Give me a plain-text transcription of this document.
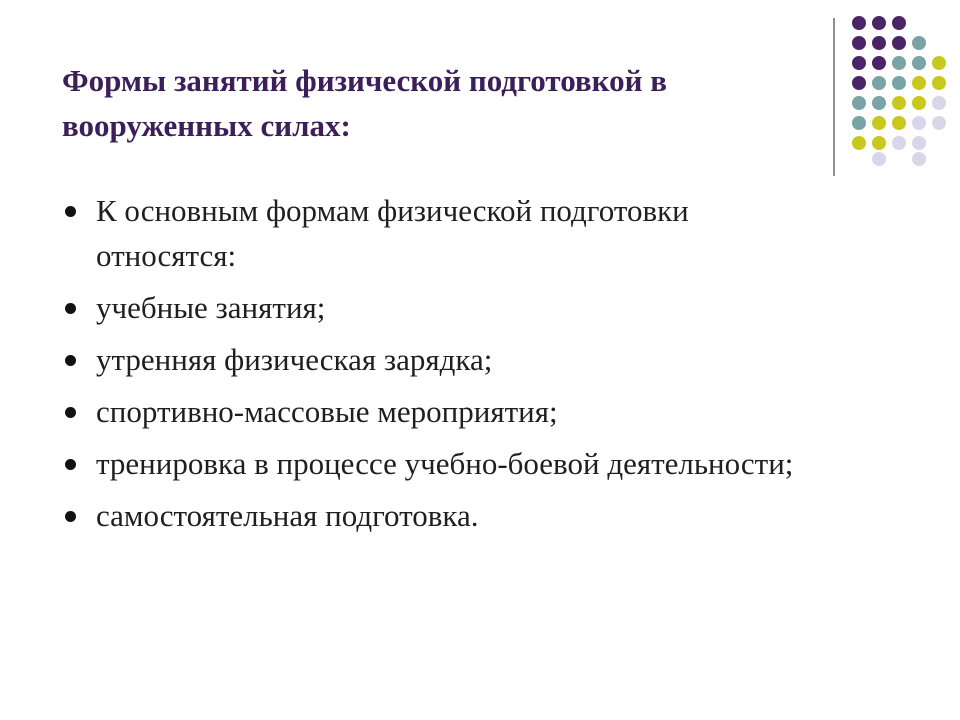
Формы занятий физической подготовкой в вооруженных силах:
К основным формам физической подготовки относятся:
учебные занятия;
утренняя физическая зарядка;
спортивно-массовые мероприятия;
тренировка в процессе учебно-боевой деятельности;
самостоятельная подготовка.
